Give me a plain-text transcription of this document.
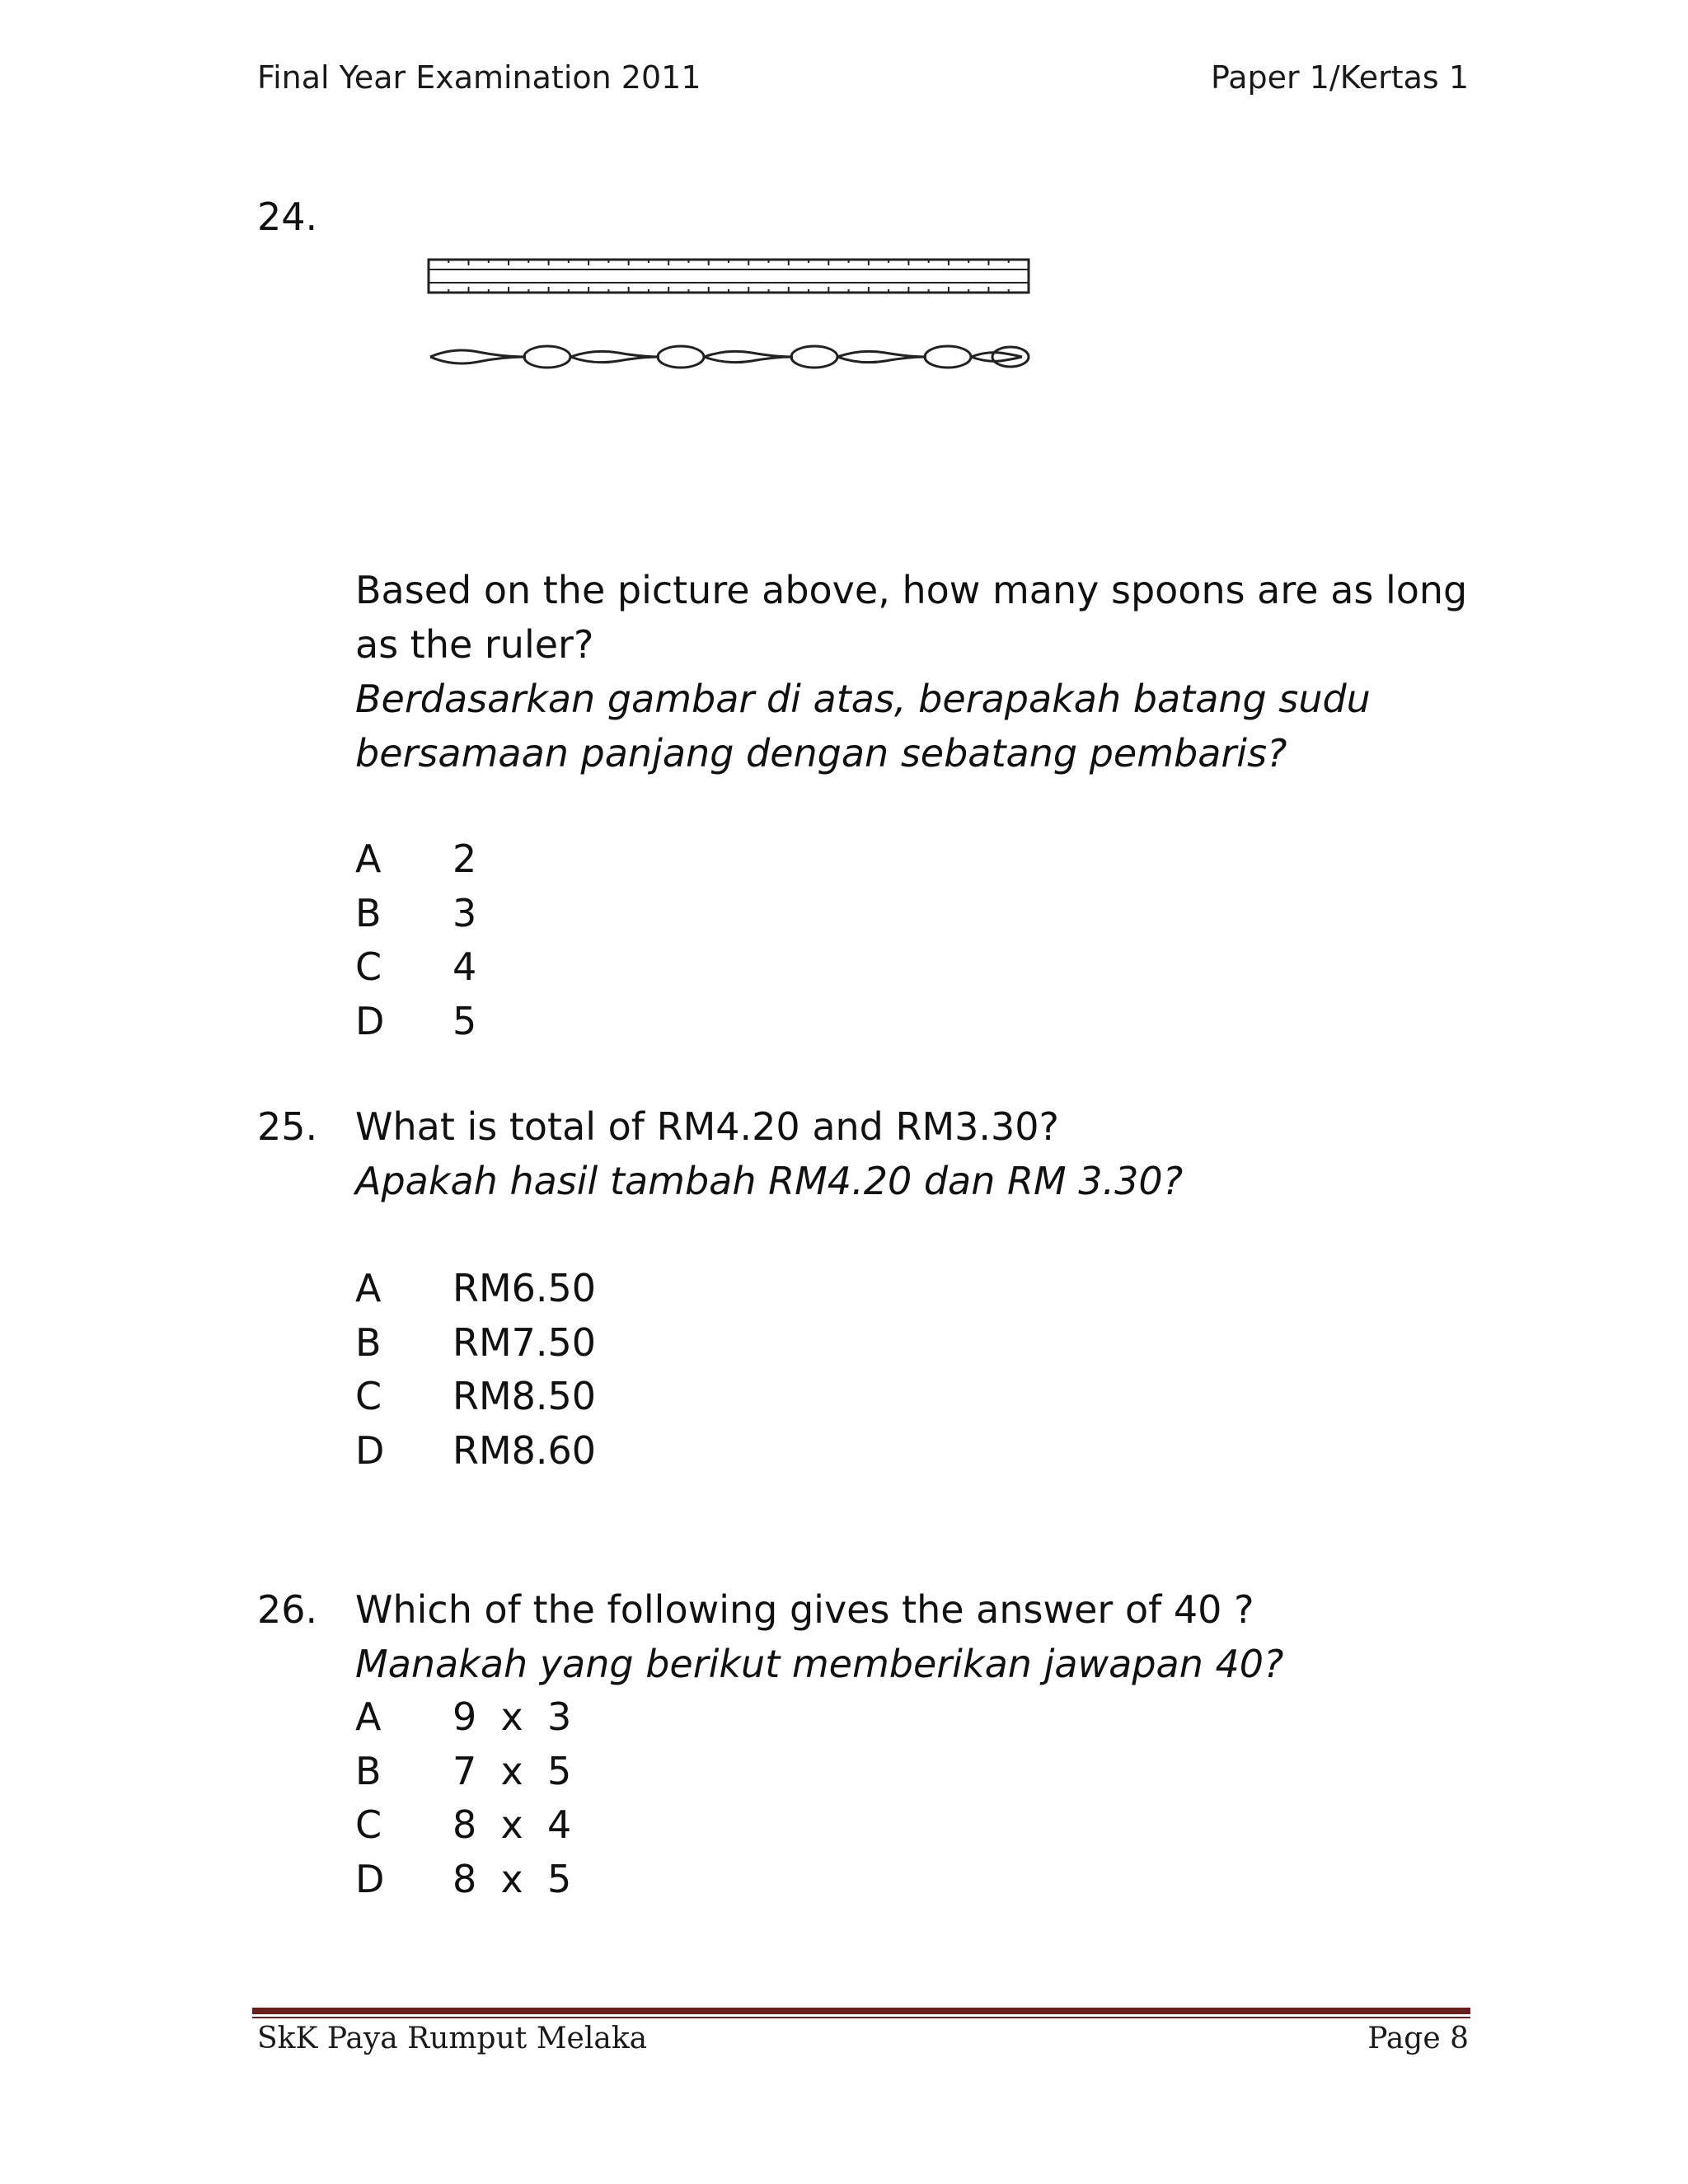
Final Year Examination 2011	Paper 1/Kertas 1
24.
Based on the picture above, how many spoons are as long
as the ruler?
Berdasarkan gambar di atas, berapakah batang sudu
bersamaan panjang dengan sebatang pembaris?
A 2
B 3
C 4
D 5
25. What is total of RM4.20 and RM3.30?
Apakah hasil tambah RM4.20 dan RM 3.30?
A RM6.50
B RM7.50
C RM8.50
D RM8.60
26. Which of the following gives the answer of 40 ?
Manakah yang berikut memberikan jawapan 40?
A 9  x  3
B 7  x  5
C 8  x  4
D 8  x  5
SkK Paya Rumput Melaka	Page 8
